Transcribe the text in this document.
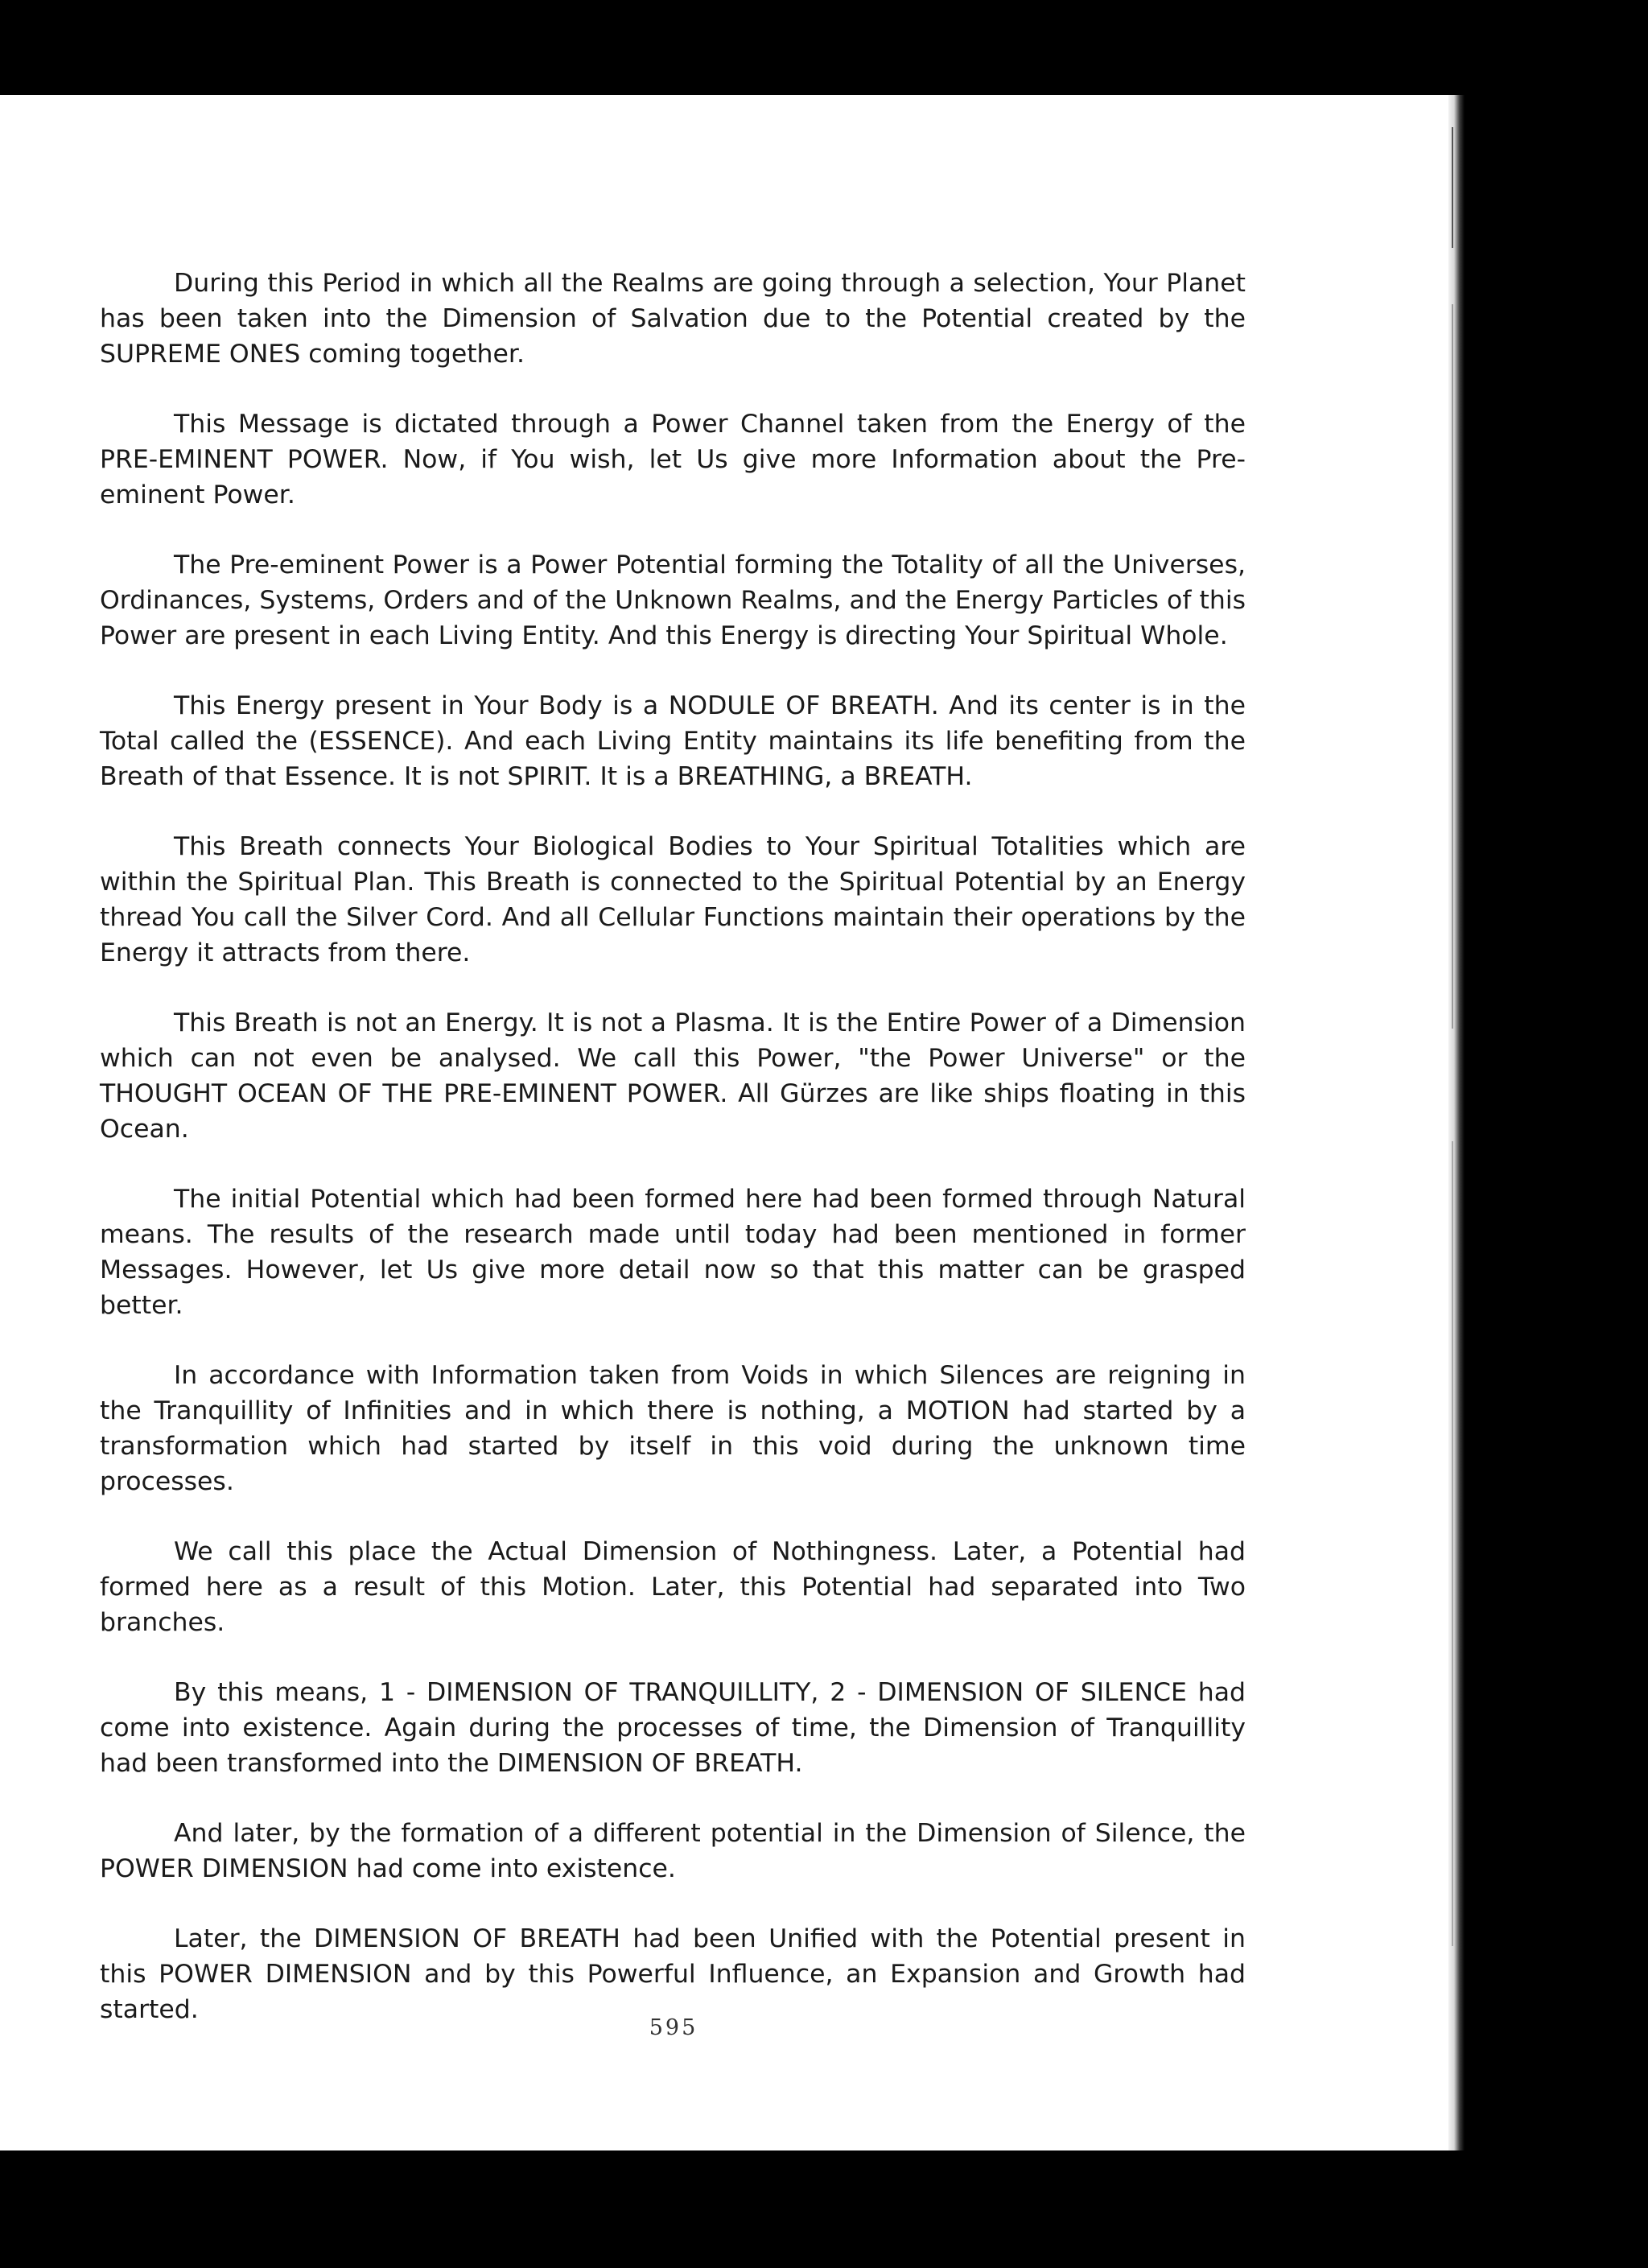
During this Period in which all the Realms are going through a selection, Your Planet has been taken into the Dimension of Salvation due to the Potential created by the SUPREME ONES coming together.

This Message is dictated through a Power Channel taken from the Energy of the PRE-EMINENT POWER. Now, if You wish, let Us give more Information about the Pre-eminent Power.

The Pre-eminent Power is a Power Potential forming the Totality of all the Universes, Ordinances, Systems, Orders and of the Unknown Realms, and the Energy Particles of this Power are present in each Living Entity. And this Energy is directing Your Spiritual Whole.

This Energy present in Your Body is a NODULE OF BREATH. And its center is in the Total called the (ESSENCE). And each Living Entity maintains its life benefiting from the Breath of that Essence. It is not SPIRIT. It is a BREATHING, a BREATH.

This Breath connects Your Biological Bodies to Your Spiritual Totalities which are within the Spiritual Plan. This Breath is connected to the Spiritual Potential by an Energy thread You call the Silver Cord. And all Cellular Functions maintain their operations by the Energy it attracts from there.

This Breath is not an Energy. It is not a Plasma. It is the Entire Power of a Dimension which can not even be analysed. We call this Power, "the Power Universe" or the THOUGHT OCEAN OF THE PRE-EMINENT POWER. All Gürzes are like ships floating in this Ocean.

The initial Potential which had been formed here had been formed through Natural means. The results of the research made until today had been mentioned in former Messages. However, let Us give more detail now so that this matter can be grasped better.

In accordance with Information taken from Voids in which Silences are reigning in the Tranquillity of Infinities and in which there is nothing, a MOTION had started by a transformation which had started by itself in this void during the unknown time processes.

We call this place the Actual Dimension of Nothingness. Later, a Potential had formed here as a result of this Motion. Later, this Potential had separated into Two branches.

By this means, 1 - DIMENSION OF TRANQUILLITY, 2 - DIMENSION OF SILENCE had come into existence. Again during the processes of time, the Dimension of Tranquillity had been transformed into the DIMENSION OF BREATH.

And later, by the formation of a different potential in the Dimension of Silence, the POWER DIMENSION had come into existence.

Later, the DIMENSION OF BREATH had been Unified with the Potential present in this POWER DIMENSION and by this Powerful Influence, an Expansion and Growth had started.

595
